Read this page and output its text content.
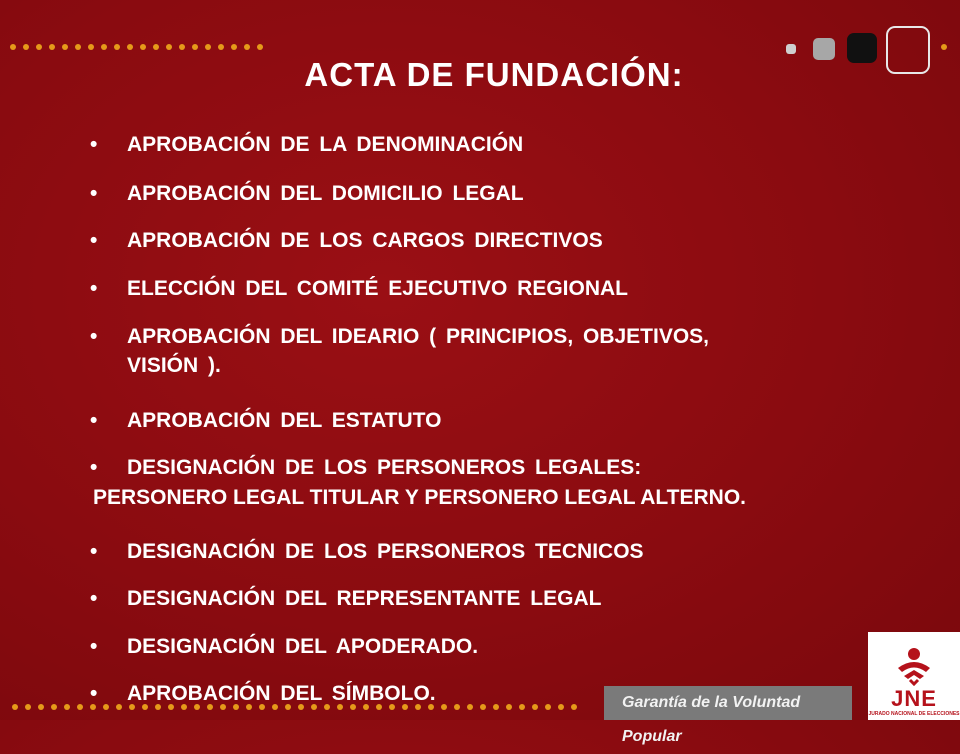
ACTA DE FUNDACIÓN:
• APROBACIÓN DE LA DENOMINACIÓN
• APROBACIÓN DEL DOMICILIO LEGAL
• APROBACIÓN DE LOS CARGOS DIRECTIVOS
• ELECCIÓN DEL COMITÉ EJECUTIVO REGIONAL
• APROBACIÓN DEL IDEARIO ( PRINCIPIOS, OBJETIVOS,
VISIÓN ).
• APROBACIÓN DEL ESTATUTO
• DESIGNACIÓN DE LOS PERSONEROS LEGALES:
• DESIGNACIÓN DE LOS PERSONEROS TECNICOS
• DESIGNACIÓN DEL REPRESENTANTE LEGAL
• DESIGNACIÓN DEL APODERADO.
• APROBACIÓN DEL SÍMBOLO.
PERSONERO LEGAL TITULAR Y PERSONERO LEGAL ALTERNO.
Garantía de la Voluntad Popular
JNE
JURADO NACIONAL DE ELECCIONES
